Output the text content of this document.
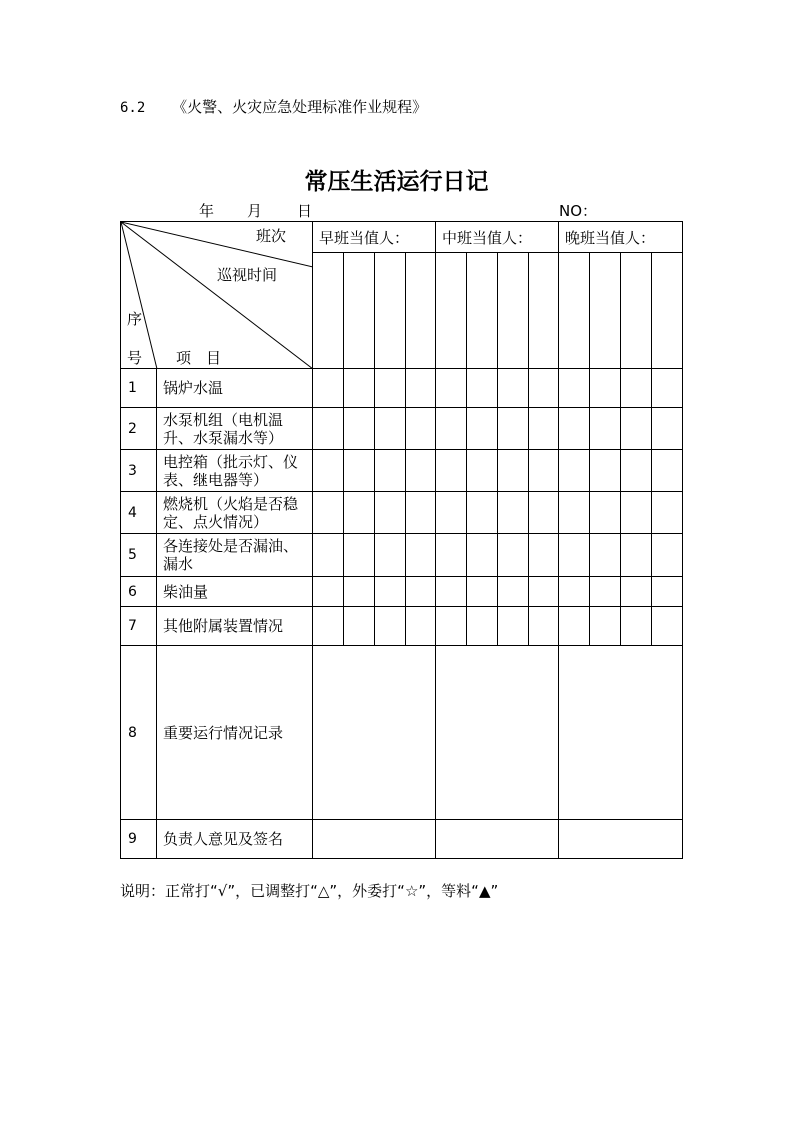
6.2 《火警、火灾应急处理标准作业规程》
常压生活运行日记
年 月 日	NO：
班次
巡视时间
序
号 项　目		早班当值人：				中班当值人：				晚班当值人：			

1	锅炉水温												
2	水泵机组（电机温升、水泵漏水等）												
3	电控箱（批示灯、仪表、继电器等）												
4	燃烧机（火焰是否稳定、点火情况）												
5	各连接处是否漏油、漏水												
6	柴油量												
7	其他附属装置情况												
8	重要运行情况记录												
9	负责人意见及签名												
说明：正常打“√”，已调整打“△”，外委打“☆”，等料“▲”
